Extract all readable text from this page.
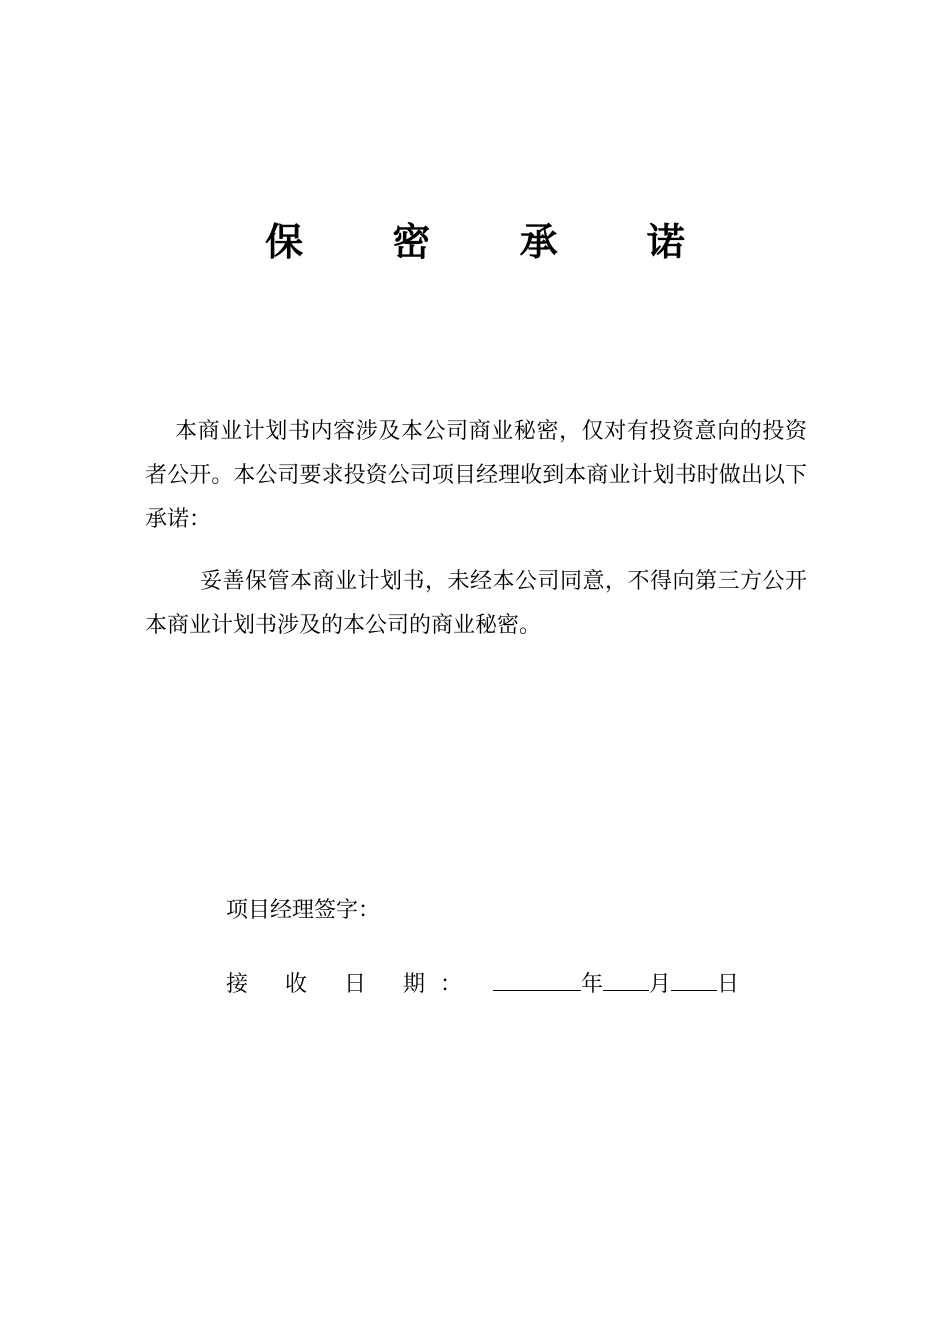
保 密 承 诺

本商业计划书内容涉及本公司商业秘密，仅对有投资意向的投资者公开。本公司要求投资公司项目经理收到本商业计划书时做出以下承诺：

妥善保管本商业计划书，未经本公司同意，不得向第三方公开本商业计划书涉及的本公司的商业秘密。

项目经理签字：
接 收 日 期：	年 月 日
